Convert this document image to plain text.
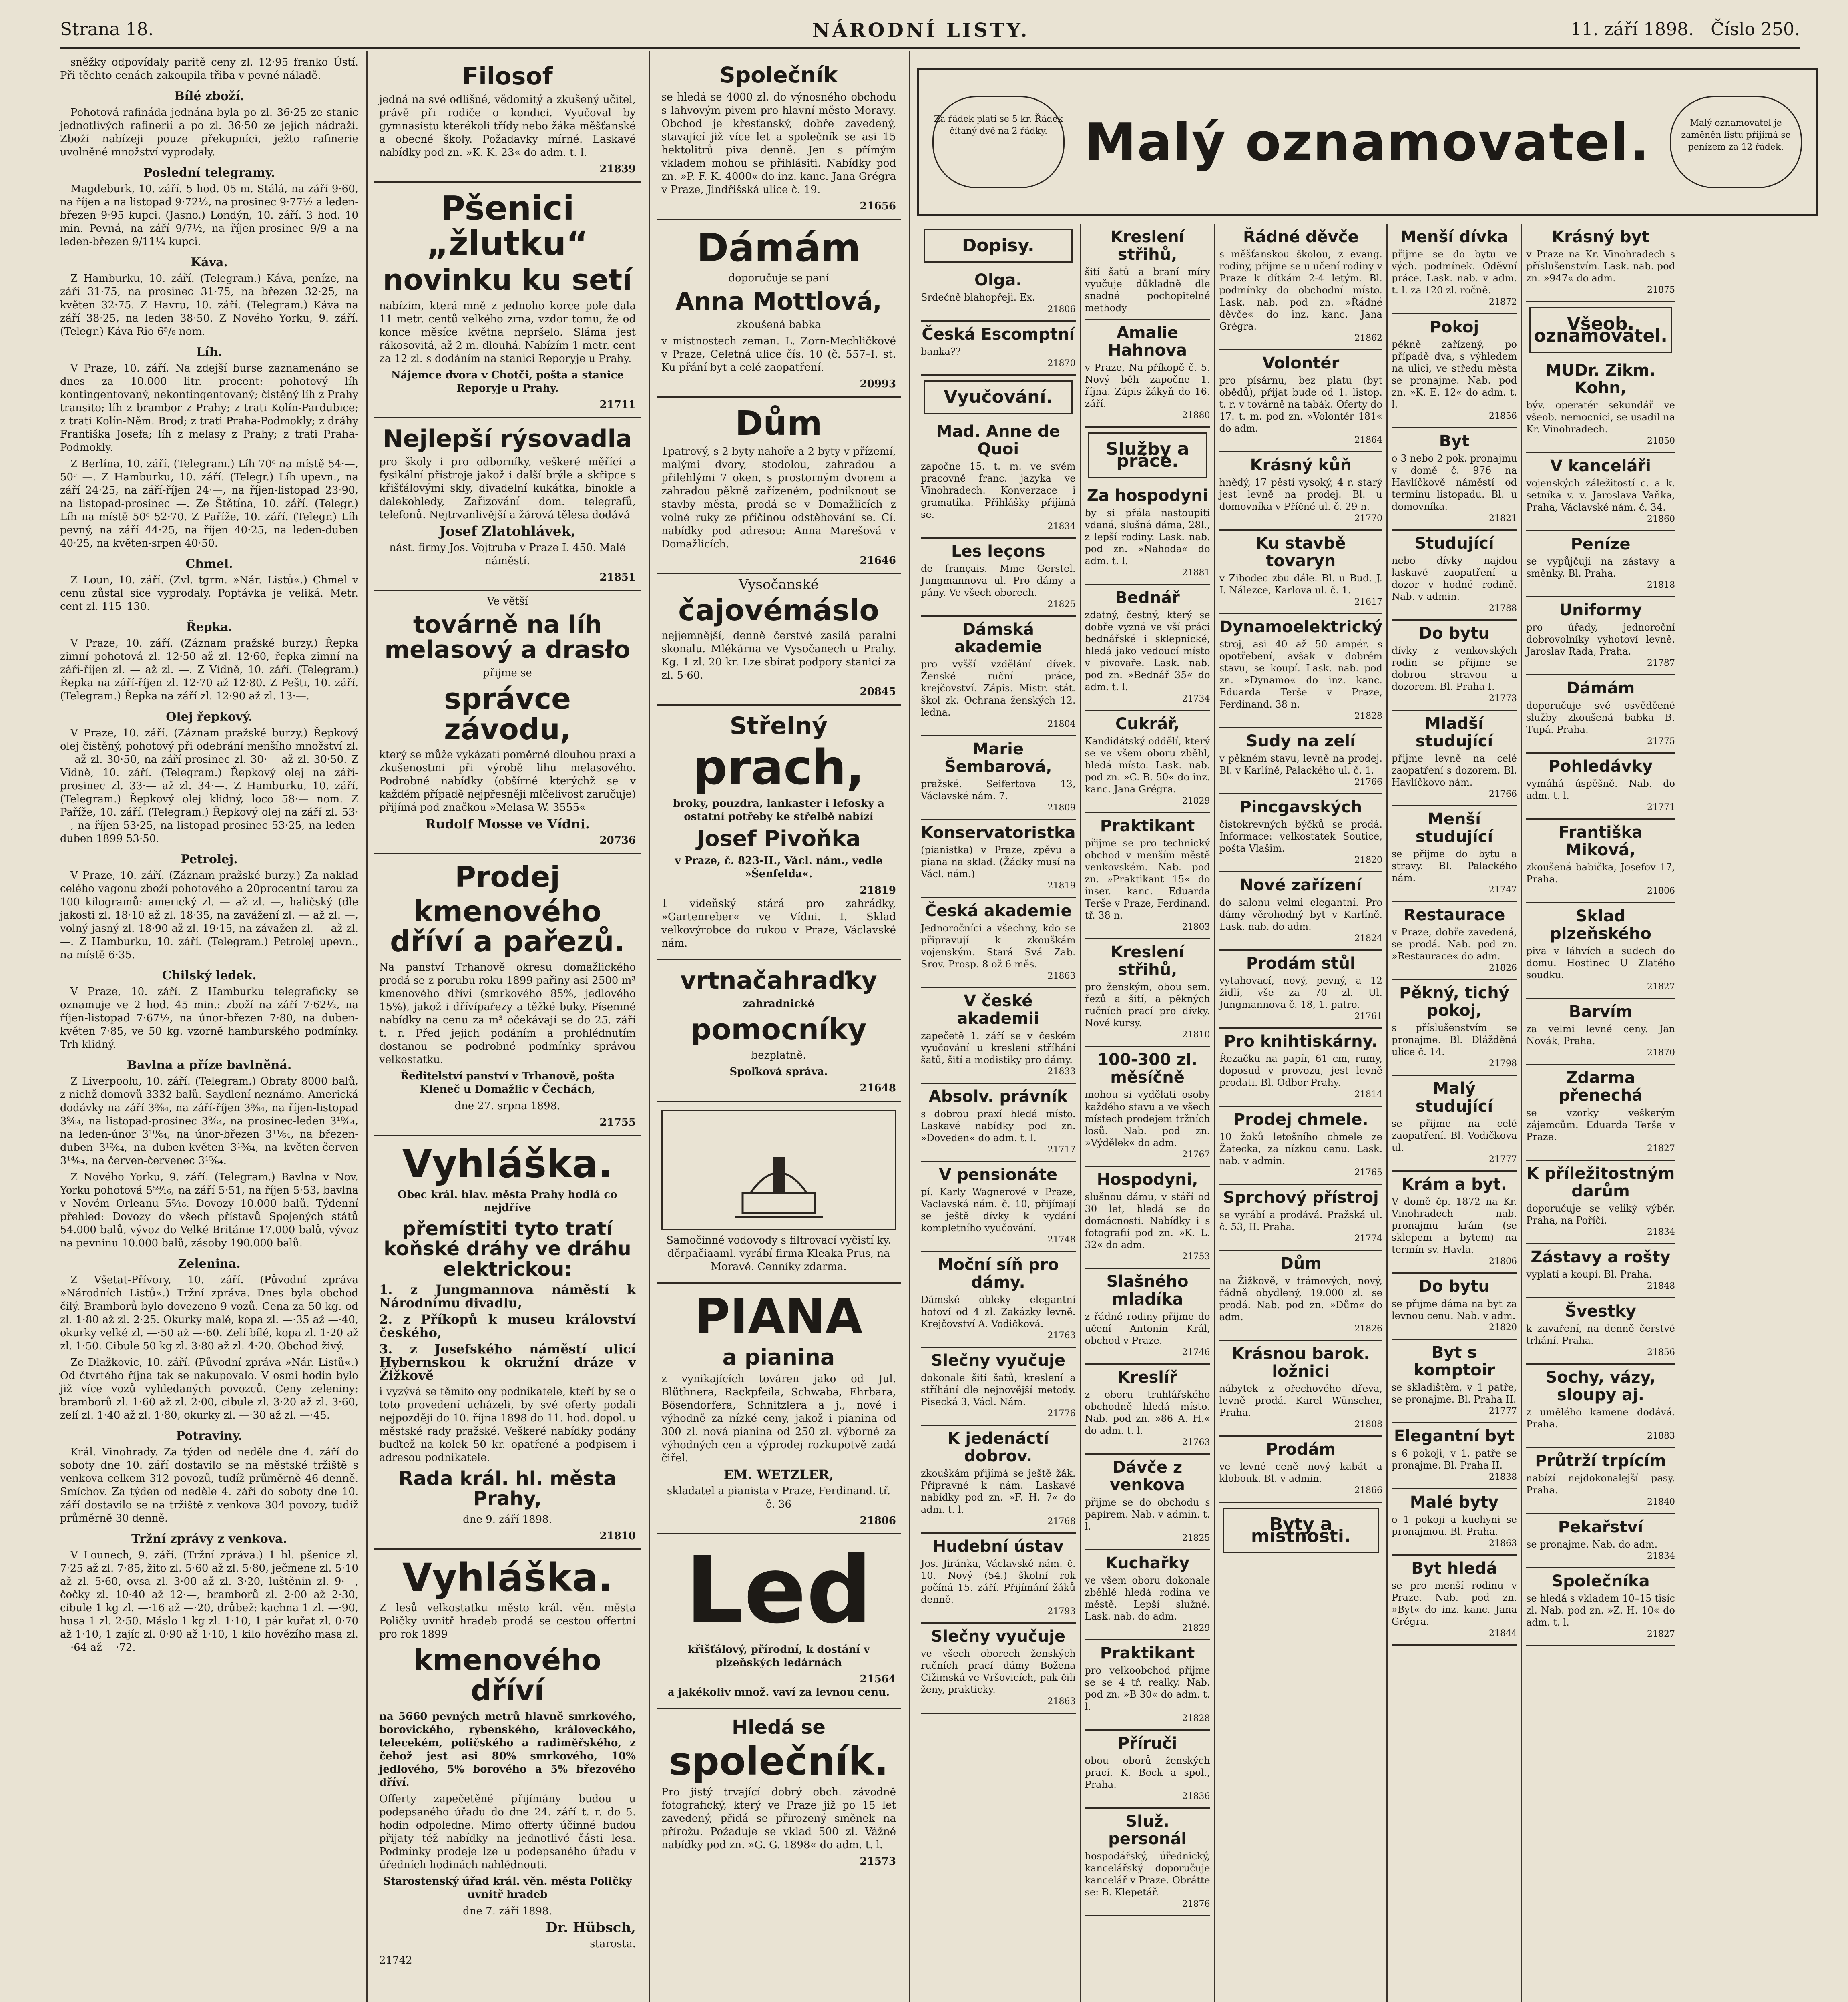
Strana 18.	NÁRODNÍ LISTY.	11. září 1898. Číslo 250.

sněžky odpovídaly paritě ceny zl. 12·95 franko Ústí. Při těchto cenách zakoupila třiba v pevné náladě.

Bílé zboží.

Pohotová rafináda jednána byla po zl. 36·25 ze stanic jednotlivých rafinerií a po zl. 36·50 ze jejich nádraží. Zboží nabízeji pouze překupníci, ježto rafinerie uvolněné množství vyprodaly.

Poslední telegramy.

Magdeburk, 10. září. 5 hod. 05 m. Stálá, na září 9·60, na říjen a na listopad 9·72½, na prosinec 9·77½ a leden-březen 9·95 kupci. (Jasno.) Londýn, 10. září. 3 hod. 10 min. Pevná, na září 9/7½, na říjen-prosinec 9/9 a na leden-březen 9/11¼ kupci.

Káva.

Z Hamburku, 10. září. (Telegram.) Káva, peníze, na září 31·75, na prosinec 31·75, na březen 32·25, na květen 32·75. Z Havru, 10. září. (Telegram.) Káva na září 38·25, na leden 38·50. Z Nového Yorku, 9. září. (Telegr.) Káva Rio 6⁵/₈ nom.

Líh.

V Praze, 10. září. Na zdejší burse zaznamenáno se dnes za 10.000 litr. procent: pohotový líh kontingentovaný, nekontingentovaný; čistěný líh z Prahy transito; líh z brambor z Prahy; z trati Kolín-Pardubice; z trati Kolín-Něm. Brod; z trati Praha-Podmokly; z dráhy Františka Josefa; líh z melasy z Prahy; z trati Praha-Podmokly.

Z Berlína, 10. září. (Telegram.) Líh 70ᶜ na místě 54·—, 50ᶜ —. Z Hamburku, 10. září. (Telegr.) Líh upevn., na září 24·25, na září-říjen 24·—, na říjen-listopad 23·90, na listopad-prosinec —. Ze Štětína, 10. září. (Telegr.) Líh na místě 50ᶜ 52·70. Z Paříže, 10. září. (Telegr.) Líh pevný, na září 44·25, na říjen 40·25, na leden-duben 40·25, na květen-srpen 40·50.

Chmel.

Z Loun, 10. září. (Zvl. tgrm. »Nár. Listů«.) Chmel v cenu zůstal sice vyprodaly. Poptávka je veliká. Metr. cent zl. 115–130.

Řepka.

V Praze, 10. září. (Záznam pražské burzy.) Řepka zimní pohotová zl. 12·50 až zl. 12·60, řepka zimní na září-říjen zl. — až zl. —. Z Vídně, 10. září. (Telegram.) Řepka na září-říjen zl. 12·70 až 12·80. Z Pešti, 10. září. (Telegram.) Řepka na září zl. 12·90 až zl. 13·—.

Olej řepkový.

V Praze, 10. září. (Záznam pražské burzy.) Řepkový olej čistěný, pohotový při odebrání menšího množství zl. — až zl. 30·50, na září-prosinec zl. 30·— až zl. 30·50. Z Vídně, 10. září. (Telegram.) Řepkový olej na září-prosinec zl. 33·— až zl. 34·—. Z Hamburku, 10. září. (Telegram.) Řepkový olej klidný, loco 58·— nom. Z Paříže, 10. září. (Telegram.) Řepkový olej na září zl. 53·—, na říjen 53·25, na listopad-prosinec 53·25, na leden-duben 1899 53·50.

Petrolej.

V Praze, 10. září. (Záznam pražské burzy.) Za naklad celého vagonu zboží pohotového a 20procentní tarou za 100 kilogramů: americký zl. — až zl. —, haličský (dle jakosti zl. 18·10 až zl. 18·35, na zavážení zl. — až zl. —, volný jasný zl. 18·90 až zl. 19·15, na závažen zl. — až zl. —. Z Hamburku, 10. září. (Telegram.) Petrolej upevn., na místě 6·35.

Chilský ledek.

V Praze, 10. září. Z Hamburku telegraficky se oznamuje ve 2 hod. 45 min.: zboží na září 7·62½, na říjen-listopad 7·67½, na únor-březen 7·80, na duben-květen 7·85, ve 50 kg. vzorně hamburského podmínky. Trh klidný.

Bavlna a příze bavlněná.

Z Liverpoolu, 10. září. (Telegram.) Obraty 8000 balů, z nichž domovů 3332 balů. Saydlení neznámo. Americká dodávky na září 3⁹⁄₆₄, na září-říjen 3⁹⁄₆₄, na říjen-listopad 3⁹⁄₆₄, na listopad-prosinec 3⁹⁄₆₄, na prosinec-leden 3¹⁰⁄₆₄, na leden-únor 3¹⁰⁄₆₄, na únor-březen 3¹¹⁄₆₄, na březen-duben 3¹²⁄₆₄, na duben-květen 3¹³⁄₆₄, na květen-červen 3¹⁴⁄₆₄, na červen-červenec 3¹⁵⁄₆₄.

Z Nového Yorku, 9. září. (Telegram.) Bavlna v Nov. Yorku pohotová 5⁵⁹⁄₁₆, na září 5·51, na říjen 5·53, bavlna v Novém Orleanu 5⁵⁄₁₆. Dovozy 10.000 balů. Týdenní přehled: Dovozy do všech přístavů Spojených států 54.000 balů, vývoz do Velké Británie 17.000 balů, vývoz na pevninu 10.000 balů, zásoby 190.000 balů.

Zelenina.

Z Všetat-Přívory, 10. září. (Původní zpráva »Národních Listů«.) Tržní zpráva. Dnes byla obchod čilý. Bramborů bylo dovezeno 9 vozů. Cena za 50 kg. od zl. 1·80 až zl. 2·25. Okurky malé, kopa zl. —·35 až —·40, okurky velké zl. —·50 až —·60. Zelí bílé, kopa zl. 1·20 až zl. 1·50. Cibule 50 kg zl. 3·80 až zl. 4·20. Obchod živý.

Ze Dlažkovic, 10. září. (Původní zpráva »Nár. Listů«.) Od čtvrtého října tak se nakupovalo. V osmi hodin bylo již více vozů vyhledaných povozců. Ceny zeleniny: bramborů zl. 1·60 až zl. 2·00, cibule zl. 3·20 až zl. 3·60, zelí zl. 1·40 až zl. 1·80, okurky zl. —·30 až zl. —·45.

Potraviny.

Král. Vinohrady. Za týden od neděle dne 4. září do soboty dne 10. září dostavilo se na městské tržiště s venkova celkem 312 povozů, tudíž průměrně 46 denně. Smíchov. Za týden od neděle 4. září do soboty dne 10. září dostavilo se na tržiště z venkova 304 povozy, tudíž průměrně 30 denně.

Tržní zprávy z venkova.

V Lounech, 9. září. (Tržní zpráva.) 1 hl. pšenice zl. 7·25 až zl. 7·85, žito zl. 5·60 až zl. 5·80, ječmene zl. 5·10 až zl. 5·60, ovsa zl. 3·00 až zl. 3·20, luštěnin zl. 9·—, čočky zl. 10·40 až 12·—, bramborů zl. 2·00 až 2·30, cibule 1 kg zl. —·16 až —·20, drůbež: kachna 1 zl. —·90, husa 1 zl. 2·50. Máslo 1 kg zl. 1·10, 1 pár kuřat zl. 0·70 až 1·10, 1 zajíc zl. 0·90 až 1·10, 1 kilo hovězího masa zl. —·64 až —·72.

Filosof

jedná na své odlišné, vědomitý a zkušený učitel, právě při rodiče o kondici. Vyučoval by gymnasistu kterékoli třídy nebo žáka měšťanské a obecné školy. Požadavky mírné. Laskavé nabídky pod zn. »K. K. 23« do adm. t. l.

21839
Pšenici „žlutku“
novinku ku setí

nabízím, která mně z jednoho korce pole dala 11 metr. centů velkého zrna, vzdor tomu, že od konce měsíce května nepršelo. Sláma jest rákosovitá, až 2 m. dlouhá. Nabízím 1 metr. cent za 12 zl. s dodáním na stanici Reporyje u Prahy.

Nájemce dvora v Chotči, pošta a stanice Reporyje u Prahy.

21711
Nejlepší rýsovadla

pro školy i pro odborníky, veškeré měřící a fysikální přístroje jakož i další brýle a skřipce s křišťálovými skly, divadelní kukátka, binokle a dalekohledy, Zařizování dom. telegrafů, telefonů. Nejtrvanlivější a žárová tělesa dodává

Josef Zlatohlávek,

nást. firmy Jos. Vojtruba v Praze I. 450. Malé náměstí.

21851

Ve větší

továrně na líh melasový a drasło

přijme se

správce závodu,

který se může vykázati poměrně dlouhou praxí a zkušenostmi při výrobě lihu melasového. Podrobné nabídky (obšírné kterýchž se v každém případě nejpřesněji mlčelivost zaručuje) přijímá pod značkou »Melasa W. 3555«

Rudolf Mosse ve Vídni.

20736
Prodej
kmenového dříví a pařezů.

Na panství Trhanově okresu domažlického prodá se z porubu roku 1899 pařiny asi 2500 m³ kmenového dříví (smrkového 85%, jedlového 15%), jakož i dřívípařezy a těžké buky. Písemné nabídky na cenu za m³ očekávají se do 25. září t. r. Před jejich podáním a prohlédnutím dostanou se podrobné podmínky správou velkostatku.

Ředitelství panství v Trhanově, pošta Kleneč u Domažlic v Čechách,

dne 27. srpna 1898.

21755
Vyhláška.

Obec král. hlav. města Prahy hodlá co nejdříve

přemístiti tyto tratí koňské dráhy ve dráhu elektrickou:

1. z Jungmannova náměstí k Národnímu divadlu,

2. z Příkopů k museu království českého,

3. z Josefského náměstí ulicí Hybernskou k okružní dráze v Žižkově

i vyzývá se těmito ony podnikatele, kteří by se o toto provedení ucházeli, by své oferty podali nejpozději do 10. října 1898 do 11. hod. dopol. u městské rady pražské. Veškeré nabídky podány buďtež na kolek 50 kr. opatřené a podpisem i adresou podnikatele.

Rada král. hl. města Prahy,

dne 9. září 1898.

21810
Vyhláška.

Z lesů velkostatku město král. věn. města Poličky uvnitř hradeb prodá se cestou offertní pro rok 1899

kmenového dříví

na 5660 pevných metrů hlavně smrkového, borovického, rybenského, královeckého, telecekém, poličského a radiměřského, z čehož jest asi 80% smrkového, 10% jedlového, 5% borového a 5% březového dříví.

Offerty zapečetěné přijímány budou u podepsaného úřadu do dne 24. září t. r. do 5. hodin odpoledne. Mimo offerty účinné budou přijaty též nabídky na jednotlivé části lesa. Podmínky prodeje lze u podepsaného úřadu v úředních hodinách nahlédnouti.

Starostenský úřad král. věn. města Poličky uvnitř hradeb

dne 7. září 1898.

Dr. Hübsch,

starosta.

21742

Společník

se hledá se 4000 zl. do výnosného obchodu s lahvovým pivem pro hlavní město Moravy. Obchod je křesťanský, dobře zavedený, stavající již více let a společník se asi 15 hektolitrů piva denně. Jen s přímým vkladem mohou se přihlásiti. Nabídky pod zn. »P. F. K. 4000« do inz. kanc. Jana Grégra v Praze, Jindřišská ulice č. 19.

21656
Dámám

doporučuje se paní

Anna Mottlová,

zkoušená babka

v místnostech zeman. L. Zorn-Mechličkové v Praze, Celetná ulice čís. 10 (č. 557–I. st. Ku přání byt a celé zaopatření.

20993
Dům

1patrový, s 2 byty nahoře a 2 byty v přízemí, malými dvory, stodolou, zahradou a přilehlými 7 oken, s prostorným dvorem a zahradou pěkně zařízeném, podniknout se stavby města, prodá se v Domažlicích z volné ruky ze příčinou odstěhování se. Cí. nabídky pod adresou: Anna Marešová v Domažlicích.

21646

Vysočanské

čajovémáslo

nejjemnější, denně čerstvé zasílá paralní skonalu. Mlékárna ve Vysočanech u Prahy. Kg. 1 zl. 20 kr. Lze sbírat podpory stanicí za zl. 5·60.

20845
Střelný
prach,

broky, pouzdra, lankaster i lefosky a ostatní potřeby ke střelbě nabízí

Josef Pivoňka

v Praze, č. 823-II., Václ. nám., vedle »Šenfelda«.

21819

1 videňský stárá pro zahrádky, »Gartenreber« ve Vídni. I. Sklad velkovýrobce do rukou v Praze, Václavské nám.

vrtnačahraďky

zahradnické

pomocníky

bezplatně.

Spoľková správa.

21648

Samočinné vodovody s filtrovací vyčistí ky. děrpačiaaml. vyrábí firma Kleaka Prus, na Moravě. Cenníky zdarma.

PIANA
a pianina

z vynikajících továren jako od Jul. Blüthnera, Rackpfeila, Schwaba, Ehrbara, Bösendorfera, Schnitzlera a j., nové i výhodně za nízké ceny, jakož i pianina od 300 zl. nová pianina od 250 zl. výborné za výhodných cen a výprodej rozkupotvě zadá čiřel.

EM. WETZLER,

skladatel a pianista v Praze, Ferdinand. tř. č. 36

21806
Led

křišťálový, přírodní, k dostání v plzeňských ledárnách

21564

a jakékoliv množ. vaví za levnou cenu.

Hledá se
společník.

Pro jistý trvající dobrý obch. závodně fotografický, který ve Praze již po 15 let zavedený, přidá se přirozený směnek na přírožu. Požaduje se vklad 500 zl. Vážné nabídky pod zn. »G. G. 1898« do adm. t. l.

21573
Za řádek platí se 5 kr. Řádek čítaný dvě na 2 řádky. Malý oznamovatel.	Malý oznamovatel je zaměněn listu přijímá se penízem za 12 řádek.
Dopisy.
Olga.
Srdečně blahopřeji. Ex.
21806
Česká Escomptní
banka??
21870
Vyučování.
Mad. Anne de Quoi
započne 15. t. m. ve svém pracovně franc. jazyka ve Vinohradech. Konverzace i gramatika. Přihlášky přijímá se.
21834
Les leçons
de français. Mme Gerstel. Jungmannova ul. Pro dámy a pány. Ve všech oborech.
21825
Dámská akademie
pro vyšší vzdělání dívek. Ženské ruční práce, krejčovství. Zápis. Mistr. stát. škol zk. Ochrana ženských 12. ledna.
21804
Marie Šembarová,
pražské. Seifertova 13, Václavské nám. 7.
21809
Konservatoristka
(pianistka) v Praze, zpěvu a piana na sklad. (Žádky musí na Václ. nám.)
21819
Česká akademie
Jednoročníci a všechny, kdo se připravují k zkouškám vojenským. Stará Svá Zab. Srov. Prosp. 8 ož 6 měs.
21863
V české akademii
zapečetě 1. září se v českém vyučování u kresleni stříhání šatů, šití a modistiky pro dámy.
21833
Absolv. právník
s dobrou praxí hledá místo. Laskavé nabídky pod zn. »Doveden« do adm. t. l.
21717
V pensionáte
pí. Karly Wagnerové v Praze, Vaclavská nám. č. 10, přijímají se ještě dívky k vydání kompletního vyučování.
21748
Moční síň pro dámy.
Dámské obleky elegantní hotoví od 4 zl. Zakázky levně. Krejčovství A. Vodičková.
21763
Slečny vyučuje
dokonale šití šatů, kreslení a stříhání dle nejnovější metody. Pisecká 3, Václ. Nám.
21776
K jedenáctí dobrov.
zkouškám přijímá se ještě žák. Přípravné k nám. Laskavé nabídky pod zn. »F. H. 7« do adm. t. l.
21768
Hudební ústav
Jos. Jiránka, Václavské nám. č. 10. Nový (54.) školní rok počíná 15. září. Přijímání žáků denně.
21793
Slečny vyučuje
ve všech oborech ženských ručních prací dámy Božena Cižimská ve Vršovicích, pak čili ženy, prakticky.
21863
Kreslení střihů,
šití šatů a braní míry vyučuje důkladně dle snadné pochopitelné methody
Amalie Hahnova
v Praze, Na příkopě č. 5. Nový běh započne 1. října. Zápis žákyň do 16. září.
21880
Služby a práce.
Za hospodyni
by si přála nastoupiti vdaná, slušná dáma, 28l., z lepší rodiny. Lask. nab. pod zn. »Nahoda« do adm. t. l.
21881
Bednář
zdatný, čestný, který se dobře vyzná ve vší práci bednářské i sklepnické, hledá jako vedoucí místo v pivovaře. Lask. nab. pod zn. »Bednář 35« do adm. t. l.
21734
Cukrář,
Kandidátský oddělí, který se ve všem oboru zběhl, hledá místo. Lask. nab. pod zn. »C. B. 50« do inz. kanc. Jana Grégra.
21829
Praktikant
přijme se pro technický obchod v menším městě venkovském. Nab. pod zn. »Praktikant 15« do inser. kanc. Eduarda Terše v Praze, Ferdinand. tř. 38 n.
21803
Kreslení střihů,
pro ženským, obou sem. řezů a šití, a pěkných ručních prací pro dívky. Nové kursy.
21810
100-300 zl. měsíčně
mohou si vydělati osoby každého stavu a ve všech místech prodejem tržních losů. Nab. pod zn. »Výdělek« do adm.
21767
Hospodyni,
slušnou dámu, v stáří od 30 let, hledá se do domácnosti. Nabídky i s fotografií pod zn. »K. L. 32« do adm.
21753
Slašného mladíka
z řádné rodiny přijme do učení Antonín Král, obchod v Praze.
21746
Kreslíř
z oboru truhlářského obchodně hledá místo. Nab. pod zn. »86 A. H.« do adm. t. l.
21763
Dávče z venkova
přijme se do obchodu s papírem. Nab. v admin. t. l.
21825
Kuchařky
ve všem oboru dokonale zběhlé hledá rodina ve městě. Lepší služné. Lask. nab. do adm.
21829
Praktikant
pro velkoobchod přijme se se 4 tř. realky. Nab. pod zn. »B 30« do adm. t. l.
21828
Příruči
obou oborů ženských prací. K. Bock a spol., Praha.
21836
Služ. personál
hospodářský, úřednický, kancelářský doporučuje kancelář v Praze. Obrátte se: B. Klepetář.
21876
Řádné děvče
s měšťanskou školou, z evang. rodiny, přijme se u učení rodiny v Praze k dítkám 2-4 letým. Bl. podmínky do obchodní místo. Lask. nab. pod zn. »Řádné děvče« do inz. kanc. Jana Grégra.
21862
Volontér
pro písárnu, bez platu (byt obědů), přijat bude od 1. listop. t. r. v továrně na tabák. Oferty do 17. t. m. pod zn. »Volontér 181« do adm.
21864
Krásný kůň
hnědý, 17 pěstí vysoký, 4 r. starý jest levně na prodej. Bl. u domovníka v Příčné ul. č. 29 n.
21770
Ku stavbě tovaryn
v Zibodec zbu dále. Bl. u Bud. J. I. Nálezce, Karlova ul. č. 1.
21617
Dynamoelektrický
stroj, asi 40 až 50 ampér. s opotřebení, avšak v dobrém stavu, se koupí. Lask. nab. pod zn. »Dynamo« do inz. kanc. Eduarda Terše v Praze, Ferdinand. 38 n.
21828
Sudy na zelí
v pěkném stavu, levně na prodej. Bl. v Karlíně, Palackého ul. č. 1.
21766
Pincgavských
čistokrevných býčků se prodá. Informace: velkostatek Soutice, pošta Vlašim.
21820
Nové zařízení
do salonu velmi elegantní. Pro dámy věrohodný byt v Karlíně. Lask. nab. do adm.
21824
Prodám stůl
vytahovací, nový, pevný, a 12 židlí, vše za 70 zl. Ul. Jungmannova č. 18, 1. patro.
21761
Pro knihtiskárny.
Řezačku na papír, 61 cm, rumy, doposud v provozu, jest levně prodati. Bl. Odbor Prahy.
21814
Prodej chmele.
10 žoků letošního chmele ze Žatecka, za nízkou cenu. Lask. nab. v admin.
21765
Sprchový přístroj
se vyrábí a prodává. Pražská ul. č. 53, II. Praha.
21774
Dům
na Žižkově, v trámových, nový, řádně obydlený, 19.000 zl. se prodá. Nab. pod zn. »Dům« do adm.
21826
Krásnou barok. ložnici
nábytek z ořechového dřeva, levně prodá. Karel Wünscher, Praha.
21808
Prodám
ve levné ceně nový kabát a klobouk. Bl. v admin.
21866
Byty a místnosti.
Menší dívka
přijme se do bytu ve vých. podmínek. Oděvní práce. Lask. nab. v adm. t. l. za 120 zl. ročně.
21872
Pokoj
pěkně zařízený, po případě dva, s výhledem na ulici, ve středu města se pronajme. Nab. pod zn. »K. E. 12« do adm. t. l.
21856
Byt
o 3 nebo 2 pok. pronajmu v domě č. 976 na Havlíčkově náměstí od termínu listopadu. Bl. u domovníka.
21821
Studující
nebo dívky najdou laskavé zaopatření a dozor v hodné rodině. Nab. v admin.
21788
Do bytu
dívky z venkovských rodin se přijme se dobrou stravou a dozorem. Bl. Praha I.
21773
Mladší studující
přijme levně na celé zaopatření s dozorem. Bl. Havlíčkovo nám.
21766
Menší studující
se přijme do bytu a stravy. Bl. Palackého nám.
21747
Restaurace
v Praze, dobře zavedená, se prodá. Nab. pod zn. »Restaurace« do adm.
21826
Pěkný, tichý pokoj,
s příslušenstvím se pronajme. Bl. Dlážděná ulice č. 14.
21798
Malý studující
se přijme na celé zaopatření. Bl. Vodičkova ul.
21777
Krám a byt.
V domě čp. 1872 na Kr. Vinohradech nab. pronajmu krám (se sklepem a bytem) na termín sv. Havla.
21806
Do bytu
se přijme dáma na byt za levnou cenu. Nab. v adm.
21820
Byt s komptoir
se skladištěm, v 1 patře, se pronajme. Bl. Praha II.
21777
Elegantní byt
s 6 pokoji, v 1. patře se pronajme. Bl. Praha II.
21838
Malé byty
o 1 pokoji a kuchyni se pronajmou. Bl. Praha.
21863
Byt hledá
se pro menší rodinu v Praze. Nab. pod zn. »Byt« do inz. kanc. Jana Grégra.
21844
Krásný byt
v Praze na Kr. Vinohradech s příslušenstvím. Lask. nab. pod zn. »947« do adm.
21875
Všeob. oznamovatel.
MUDr. Zikm. Kohn,
býv. operatér sekundář ve všeob. nemocnici, se usadil na Kr. Vinohradech.
21850
V kanceláři
vojenských záležitostí c. a k. setníka v. v. Jaroslava Vaňka, Praha, Václavské nám. č. 34.
21860
Peníze
se vypůjčují na zástavy a směnky. Bl. Praha.
21818
Uniformy
pro úřady, jednoroční dobrovolníky vyhotoví levně. Jaroslav Rada, Praha.
21787
Dámám
doporučuje své osvědčené služby zkoušená babka B. Tupá. Praha.
21775
Pohledávky
vymáhá úspěšně. Nab. do adm. t. l.
21771
Františka Miková,
zkoušená babička, Josefov 17, Praha.
21806
Sklad plzeňského
piva v láhvích a sudech do domu. Hostinec U Zlatého soudku.
21827
Barvím
za velmi levné ceny. Jan Novák, Praha.
21870
Zdarma přenechá
se vzorky veškerým zájemcům. Eduarda Terše v Praze.
21827
K příležitostným darům
doporučuje se veliký výběr. Praha, na Poříčí.
21834
Zástavy a rošty
vyplatí a koupí. Bl. Praha.
21848
Švestky
k zavaření, na denně čerstvé trhání. Praha.
21856
Sochy, vázy, sloupy aj.
z umělého kamene dodává. Praha.
21883
Průtrží trpícím
nabízí nejdokonalejší pasy. Praha.
21840
Pekařství
se pronajme. Nab. do adm.
21834
Společníka
se hledá s vkladem 10–15 tisíc zl. Nab. pod zn. »Z. H. 10« do adm. t. l.
21827
